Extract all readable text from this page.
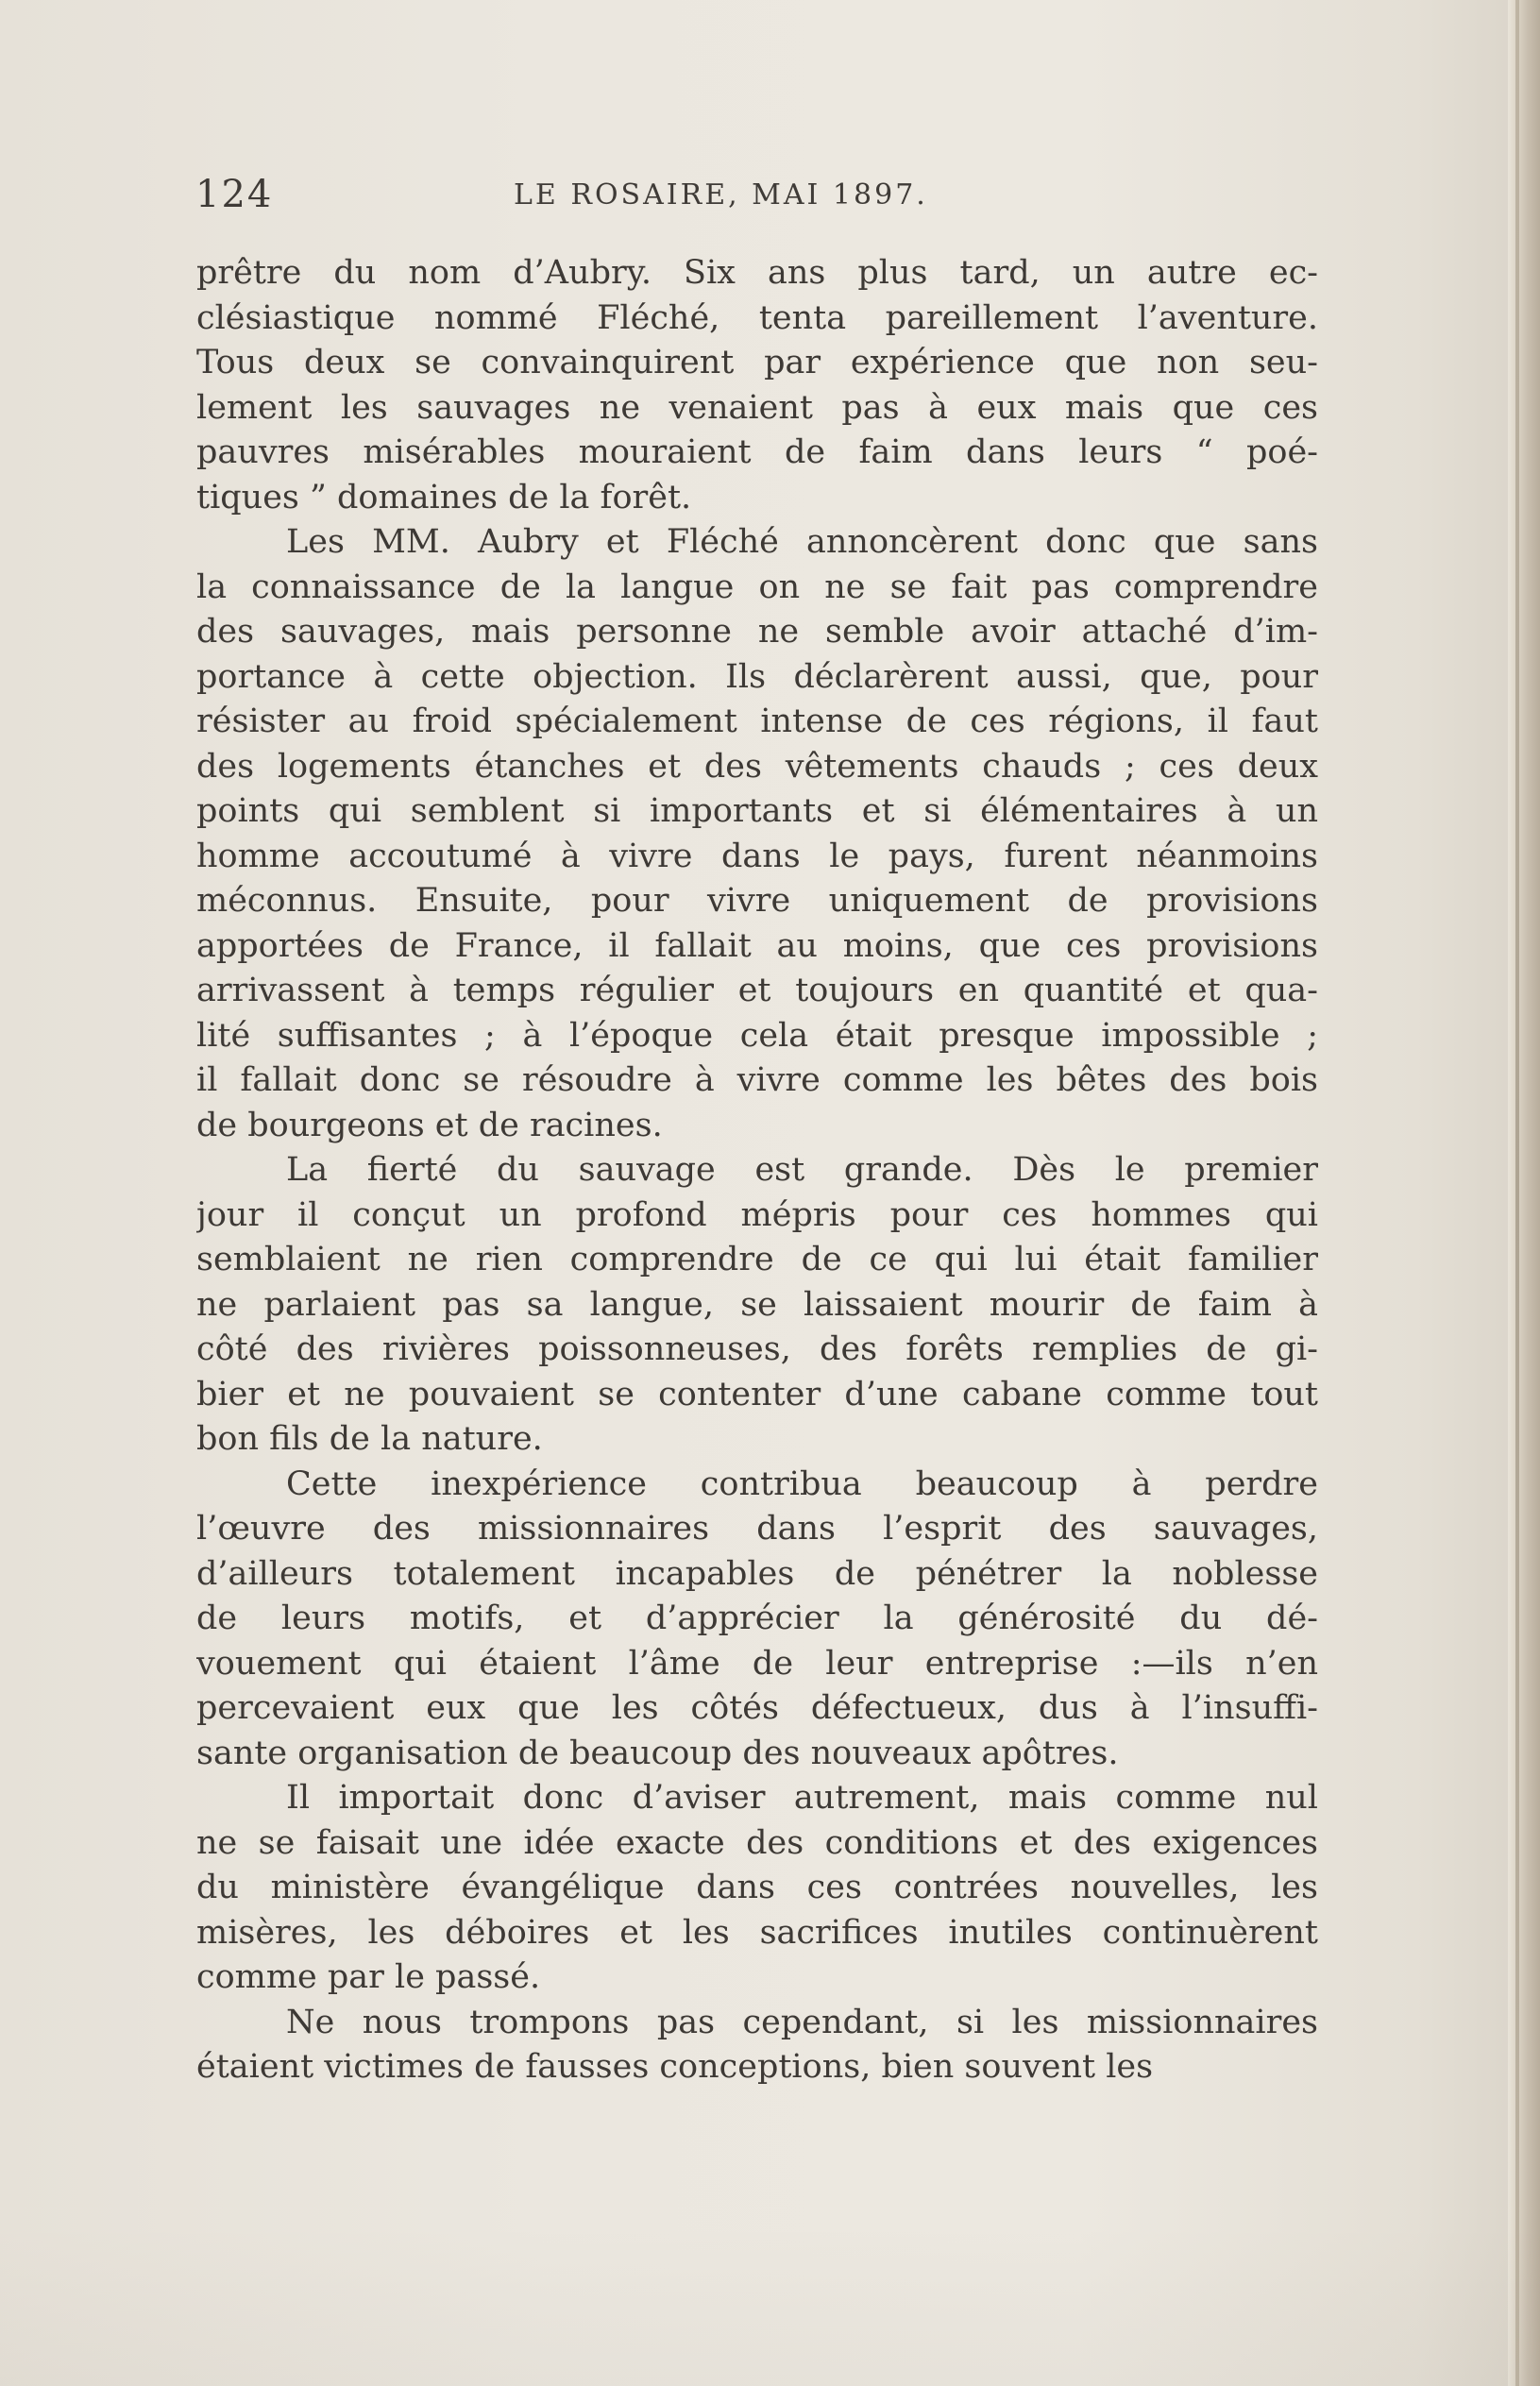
124	LE ROSAIRE, MAI 1897.
prêtre du nom d’Aubry. Six ans plus tard, un autre ec-
clésiastique nommé Fléché, tenta pareillement l’aventure.
Tous deux se convainquirent par expérience que non seu-
lement les sauvages ne venaient pas à eux mais que ces
pauvres misérables mouraient de faim dans leurs “ poé-
tiques ” domaines de la forêt.
Les MM. Aubry et Fléché annoncèrent donc que sans
la connaissance de la langue on ne se fait pas comprendre
des sauvages, mais personne ne semble avoir attaché d’im-
portance à cette objection. Ils déclarèrent aussi, que, pour
résister au froid spécialement intense de ces régions, il faut
des logements étanches et des vêtements chauds ; ces deux
points qui semblent si importants et si élémentaires à un
homme accoutumé à vivre dans le pays, furent néanmoins
méconnus. Ensuite, pour vivre uniquement de provisions
apportées de France, il fallait au moins, que ces provisions
arrivassent à temps régulier et toujours en quantité et qua-
lité suffisantes ; à l’époque cela était presque impossible ;
il fallait donc se résoudre à vivre comme les bêtes des bois
de bourgeons et de racines.
La fierté du sauvage est grande. Dès le premier
jour il conçut un profond mépris pour ces hommes qui
semblaient ne rien comprendre de ce qui lui était familier
ne parlaient pas sa langue, se laissaient mourir de faim à
côté des rivières poissonneuses, des forêts remplies de gi-
bier et ne pouvaient se contenter d’une cabane comme tout
bon fils de la nature.
Cette inexpérience contribua beaucoup à perdre
l’œuvre des missionnaires dans l’esprit des sauvages,
d’ailleurs totalement incapables de pénétrer la noblesse
de leurs motifs, et d’apprécier la générosité du dé-
vouement qui étaient l’âme de leur entreprise :—ils n’en
percevaient eux que les côtés défectueux, dus à l’insuffi-
sante organisation de beaucoup des nouveaux apôtres.
Il importait donc d’aviser autrement, mais comme nul
ne se faisait une idée exacte des conditions et des exigences
du ministère évangélique dans ces contrées nouvelles, les
misères, les déboires et les sacrifices inutiles continuèrent
comme par le passé.
Ne nous trompons pas cependant, si les missionnaires
étaient victimes de fausses conceptions, bien souvent les
